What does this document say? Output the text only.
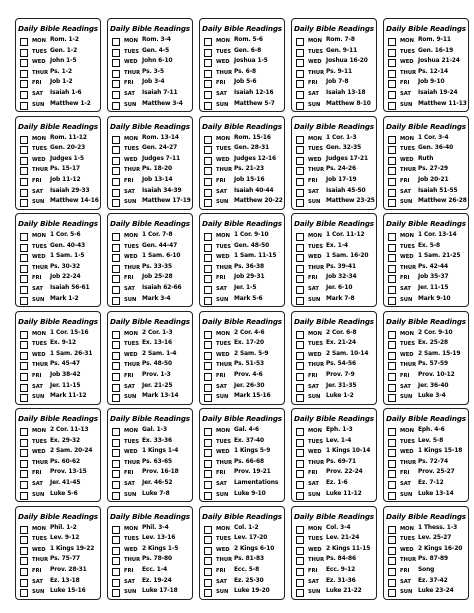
Daily Bible Readings
MON Rom. 1-2
TUES Gen. 1-2
WED John 1-5
THUR Ps. 1-2
FRI Job 1-2
SAT Isaiah 1-6
SUN Matthew 1-2
Daily Bible Readings
MON Rom. 3-4
TUES Gen. 4-5
WED John 6-10
THUR Ps. 3-5
FRI Job 3-4
SAT Isaiah 7-11
SUN Matthew 3-4
Daily Bible Readings
MON Rom. 5-6
TUES Gen. 6-8
WED Joshua 1-5
THUR Ps. 6-8
FRI Job 5-6
SAT Isaiah 12-16
SUN Matthew 5-7
Daily Bible Readings
MON Rom. 7-8
TUES Gen. 9-11
WED Joshua 16-20
THUR Ps. 9-11
FRI Job 7-8
SAT Isaiah 13-18
SUN Matthew 8-10
Daily Bible Readings
MON Rom. 9-11
TUES Gen. 16-19
WED Joshua 21-24
THUR Ps. 12-14
FRI Job 9-10
SAT Isaiah 19-24
SUN Matthew 11-13
Daily Bible Readings
MON Rom. 11-12
TUES Gen. 20-23
WED Judges 1-5
THUR Ps. 15-17
FRI Job 11-12
SAT Isaiah 29-33
SUN Matthew 14-16
Daily Bible Readings
MON Rom. 13-14
TUES Gen. 24-27
WED Judges 7-11
THUR Ps. 18-20
FRI Job 13-14
SAT Isaiah 34-39
SUN Matthew 17-19
Daily Bible Readings
MON Rom. 15-16
TUES Gen. 28-31
WED Judges 12-16
THUR Ps. 21-23
FRI Job 15-16
SAT Isaiah 40-44
SUN Matthew 20-22
Daily Bible Readings
MON 1 Cor. 1-3
TUES Gen. 32-35
WED Judges 17-21
THUR Ps. 24-26
FRI Job 17-19
SAT Isaiah 45-50
SUN Matthew 23-25
Daily Bible Readings
MON 1 Cor. 3-4
TUES Gen. 36-40
WED Ruth
THUR Ps. 27-29
FRI Job 20-21
SAT Isaiah 51-55
SUN Matthew 26-28
Daily Bible Readings
MON 1 Cor. 5-6
TUES Gen. 40-43
WED 1 Sam. 1-5
THUR Ps. 30-32
FRI Job 22-24
SAT Isaiah 56-61
SUN Mark 1-2
Daily Bible Readings
MON 1 Cor. 7-8
TUES Gen. 44-47
WED 1 Sam. 6-10
THUR Ps. 33-35
FRI Job 25-28
SAT Isaiah 62-66
SUN Mark 3-4
Daily Bible Readings
MON 1 Cor. 9-10
TUES Gen. 48-50
WED 1 Sam. 11-15
THUR Ps. 36-38
FRI Job 29-31
SAT Jer. 1-5
SUN Mark 5-6
Daily Bible Readings
MON 1 Cor. 11-12
TUES Ex. 1-4
WED 1 Sam. 16-20
THUR Ps. 39-41
FRI Job 32-34
SAT Jer. 6-10
SUN Mark 7-8
Daily Bible Readings
MON 1 Cor. 13-14
TUES Ex. 5-8
WED 1 Sam. 21-25
THUR Ps. 42-44
FRI Job 35-37
SAT Jer. 11-15
SUN Mark 9-10
Daily Bible Readings
MON 1 Cor. 15-16
TUES Ex. 9-12
WED 1 Sam. 26-31
THUR Ps. 45-47
FRI Job 38-42
SAT Jer. 11-15
SUN Mark 11-12
Daily Bible Readings
MON 2 Cor. 1-3
TUES Ex. 13-16
WED 2 Sam. 1-4
THUR Ps. 48-50
FRI Prov. 1-3
SAT Jer. 21-25
SUN Mark 13-14
Daily Bible Readings
MON 2 Cor. 4-6
TUES Ex. 17-20
WED 2 Sam. 5-9
THUR Ps. 51-53
FRI Prov. 4-6
SAT Jer. 26-30
SUN Mark 15-16
Daily Bible Readings
MON 2 Cor. 6-8
TUES Ex. 21-24
WED 2 Sam. 10-14
THUR Ps. 54-56
FRI Prov. 7-9
SAT Jer. 31-35
SUN Luke 1-2
Daily Bible Readings
MON 2 Cor. 9-10
TUES Ex. 25-28
WED 2 Sam. 15-19
THUR Ps. 57-59
FRI Prov. 10-12
SAT Jer. 36-40
SUN Luke 3-4
Daily Bible Readings
MON 2 Cor. 11-13
TUES Ex. 29-32
WED 2 Sam. 20-24
THUR Ps. 60-62
FRI Prov. 13-15
SAT Jer. 41-45
SUN Luke 5-6
Daily Bible Readings
MON Gal. 1-3
TUES Ex. 33-36
WED 1 Kings 1-4
THUR Ps. 63-65
FRI Prov. 16-18
SAT Jer. 46-52
SUN Luke 7-8
Daily Bible Readings
MON Gal. 4-6
TUES Ex. 37-40
WED 1 Kings 5-9
THUR Ps. 66-68
FRI Prov. 19-21
SAT Lamentations
SUN Luke 9-10
Daily Bible Readings
MON Eph. 1-3
TUES Lev. 1-4
WED 1 Kings 10-14
THUR Ps. 69-71
FRI Prov. 22-24
SAT Ez. 1-6
SUN Luke 11-12
Daily Bible Readings
MON Eph. 4-6
TUES Lev. 5-8
WED 1 Kings 15-18
THUR Ps. 72-74
FRI Prov. 25-27
SAT Ez. 7-12
SUN Luke 13-14
Daily Bible Readings
MON Phil. 1-2
TUES Lev. 9-12
WED 1 Kings 19-22
THUR Ps. 75-77
FRI Prov. 28-31
SAT Ez. 13-18
SUN Luke 15-16
Daily Bible Readings
MON Phil. 3-4
TUES Lev. 13-16
WED 2 Kings 1-5
THUR Ps. 78-80
FRI Ecc. 1-4
SAT Ez. 19-24
SUN Luke 17-18
Daily Bible Readings
MON Col. 1-2
TUES Lev. 17-20
WED 2 Kings 6-10
THUR Ps. 81-83
FRI Ecc. 5-8
SAT Ez. 25-30
SUN Luke 19-20
Daily Bible Readings
MON Col. 3-4
TUES Lev. 21-24
WED 2 Kings 11-15
THUR Ps. 84-86
FRI Ecc. 9-12
SAT Ez. 31-36
SUN Luke 21-22
Daily Bible Readings
MON 1 Thess. 1-3
TUES Lev. 25-27
WED 2 Kings 16-20
THUR Ps. 87-89
FRI Song
SAT Ez. 37-42
SUN Luke 23-24
